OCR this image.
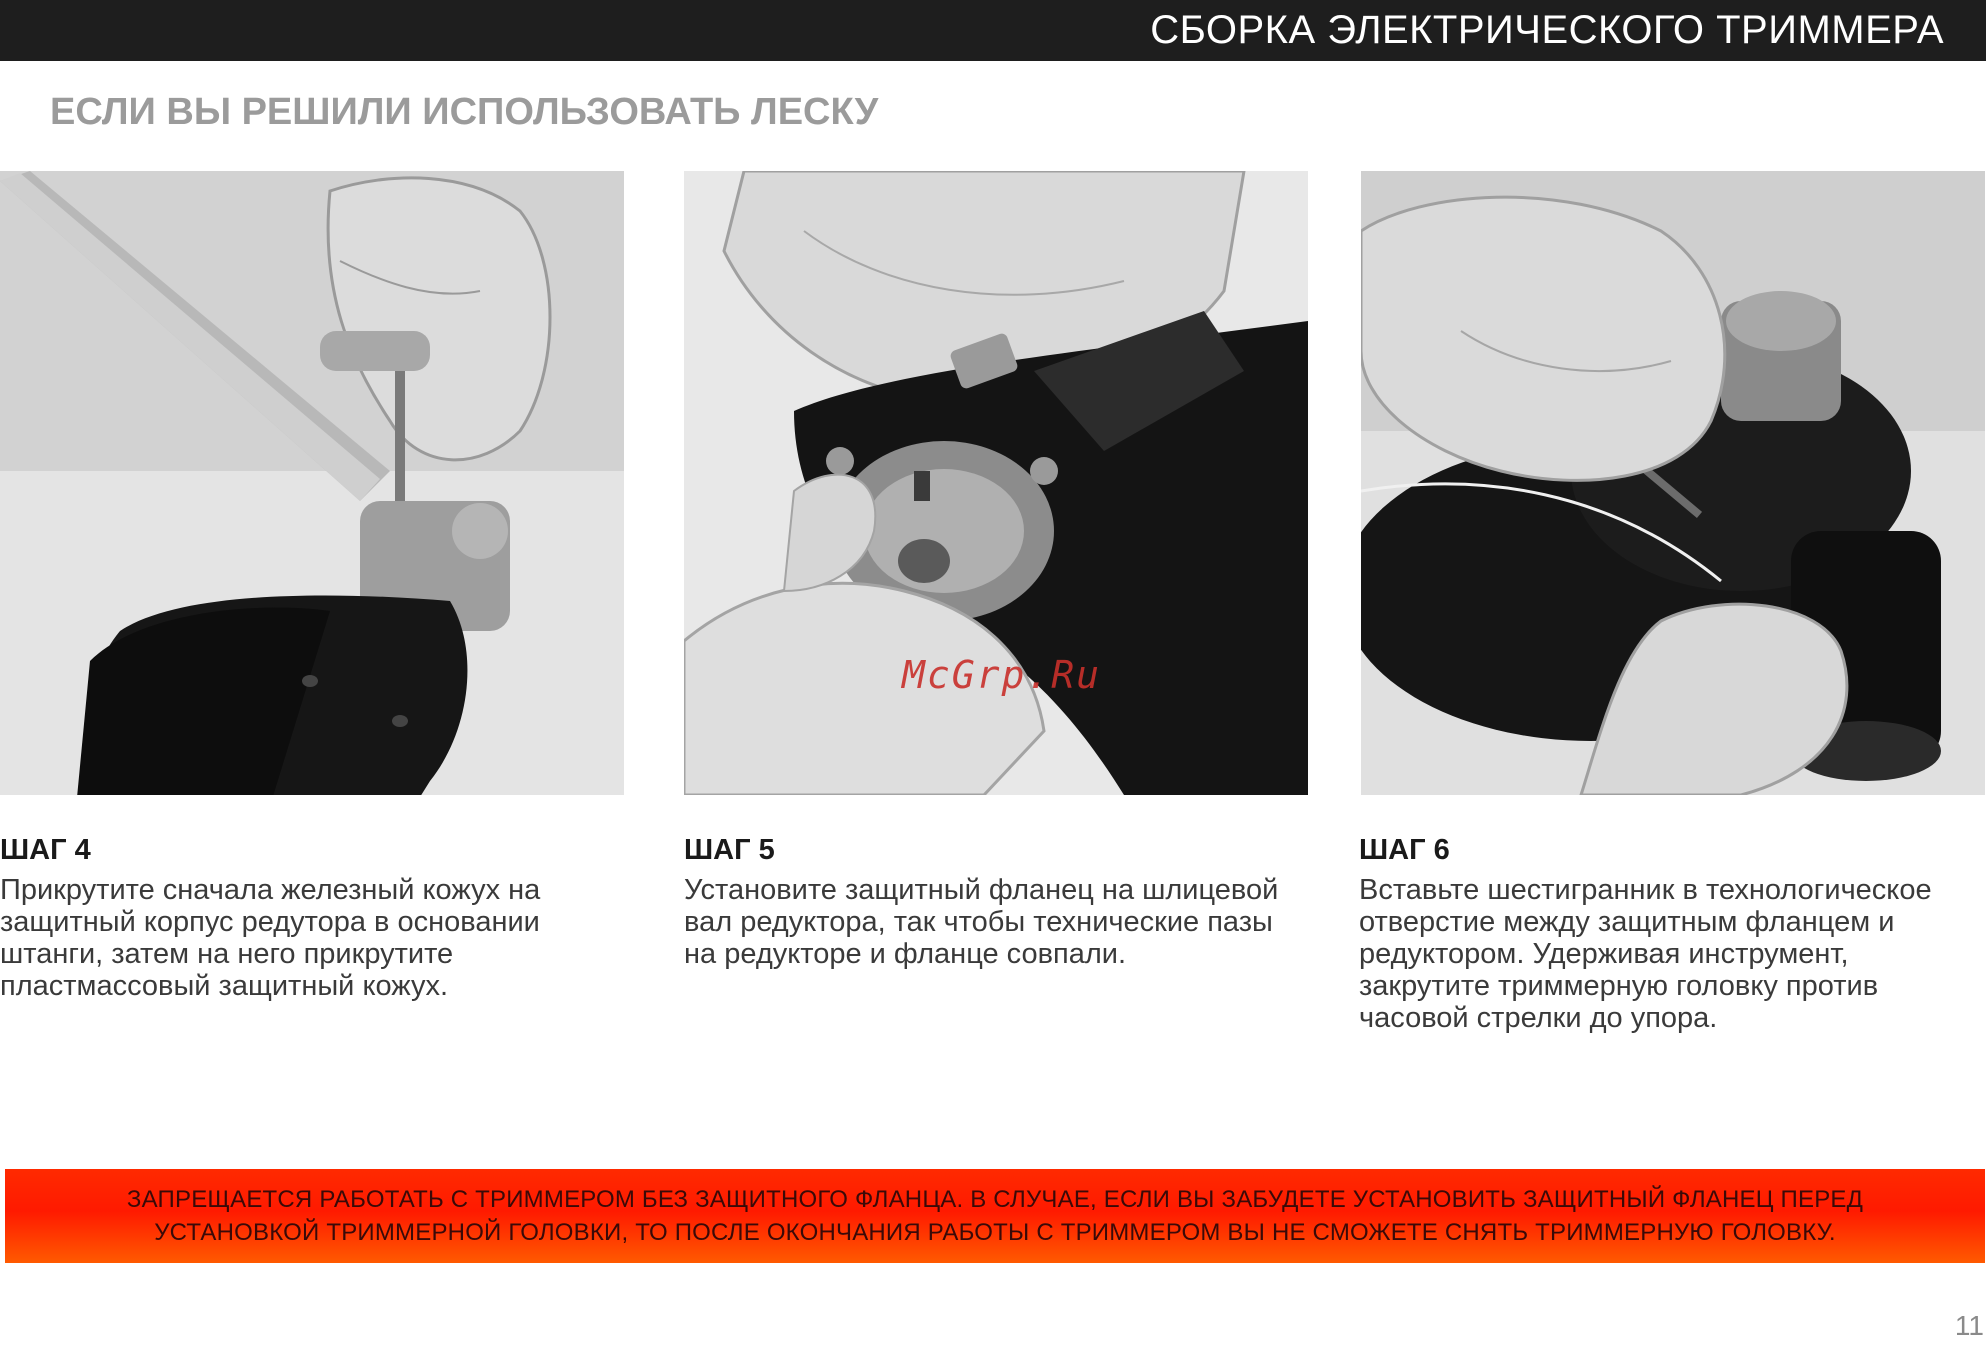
СБОРКА ЭЛЕКТРИЧЕСКОГО ТРИММЕРА
ЕСЛИ ВЫ РЕШИЛИ ИСПОЛЬЗОВАТЬ ЛЕСКУ
McGrp.Ru

ШАГ 4

Прикрутите сначала железный кожух на защитный корпус редутора в основании штанги, затем на него прикрутите пластмассовый защитный кожух.

ШАГ 5

Установите защитный фланец на шлицевой вал редуктора, так чтобы технические пазы на редукторе и фланце совпали.

ШАГ 6

Вставьте шестигранник в технологическое отверстие между защитным фланцем и редуктором. Удерживая инструмент, закрутите триммерную головку против часовой стрелки до упора.

ЗАПРЕЩАЕТСЯ РАБОТАТЬ С ТРИММЕРОМ БЕЗ ЗАЩИТНОГО ФЛАНЦА. В СЛУЧАЕ, ЕСЛИ ВЫ ЗАБУДЕТЕ УСТАНОВИТЬ ЗАЩИТНЫЙ ФЛАНЕЦ ПЕРЕД
УСТАНОВКОЙ ТРИММЕРНОЙ ГОЛОВКИ, ТО ПОСЛЕ ОКОНЧАНИЯ РАБОТЫ С ТРИММЕРОМ ВЫ НЕ СМОЖЕТЕ СНЯТЬ ТРИММЕРНУЮ ГОЛОВКУ.

11
